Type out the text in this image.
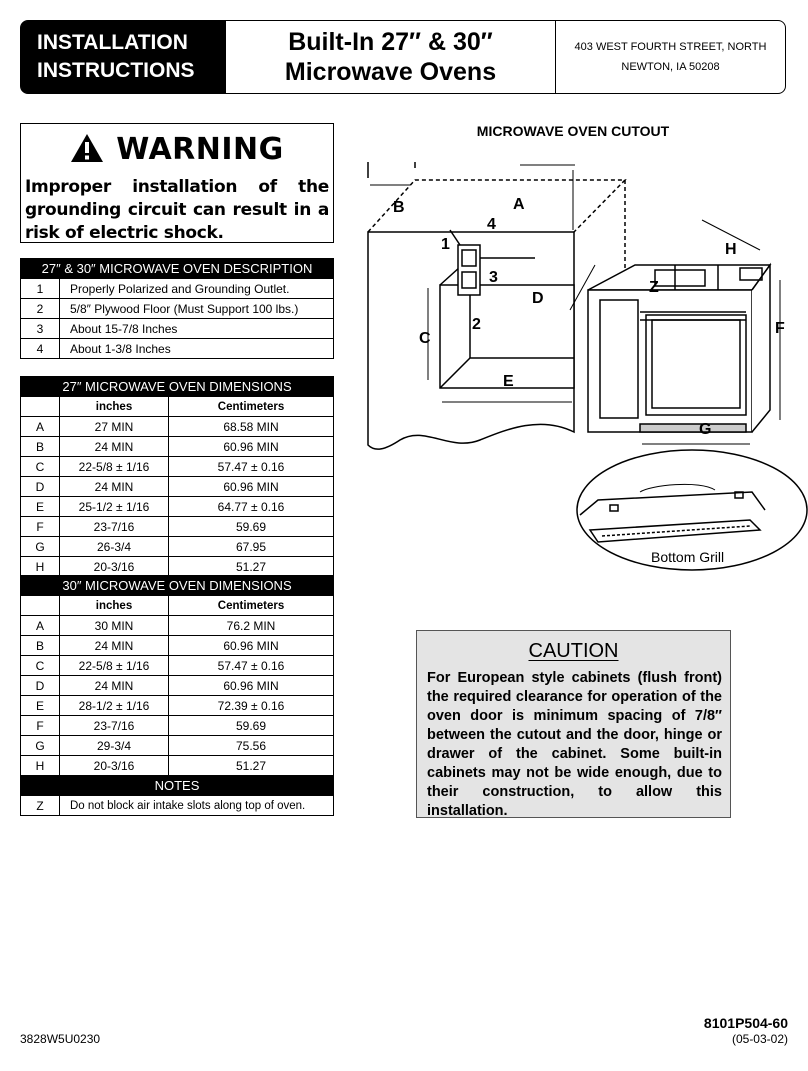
INSTALLATION
INSTRUCTIONS
Built-In 27″ & 30″
Microwave Ovens
403 WEST FOURTH STREET, NORTH
NEWTON, IA 50208
WARNING
Improper installation of the grounding circuit can result in a risk of electric shock.
27″ & 30″ MICROWAVE OVEN DESCRIPTION	
1	Properly Polarized and Grounding Outlet.
2	5/8″ Plywood Floor (Must Support 100 lbs.)
3	About 15-7/8 Inches
4	About 1-3/8 Inches
27″ MICROWAVE OVEN DIMENSIONS		
	inches	Centimeters
A	27 MIN	68.58 MIN
B	24 MIN	60.96 MIN
C	22-5/8 ± 1/16	57.47 ± 0.16
D	24 MIN	60.96 MIN
E	25-1/2 ± 1/16	64.77 ± 0.16
F	23-7/16	59.69
G	26-3/4	67.95
H	20-3/16	51.27
30″ MICROWAVE OVEN DIMENSIONS		
	inches	Centimeters
A	30 MIN	76.2 MIN
B	24 MIN	60.96 MIN
C	22-5/8 ± 1/16	57.47 ± 0.16
D	24 MIN	60.96 MIN
E	28-1/2 ± 1/16	72.39 ± 0.16
F	23-7/16	59.69
G	29-3/4	75.56
H	20-3/16	51.27
NOTES
Z	Do not block air intake slots along top of oven.
MICROWAVE OVEN CUTOUT
B	A
4
1
3
D
2
C
E
H
Z
F
G
Bottom Grill
CAUTION
For European style cabinets (flush front) the required clearance for operation of the oven door is minimum spacing of 7/8″ between the cutout and the door, hinge or drawer of the cabinet. Some built-in cabinets may not be wide enough, due to their construction, to allow this installation.
3828W5U0230
8101P504-60
(05-03-02)
